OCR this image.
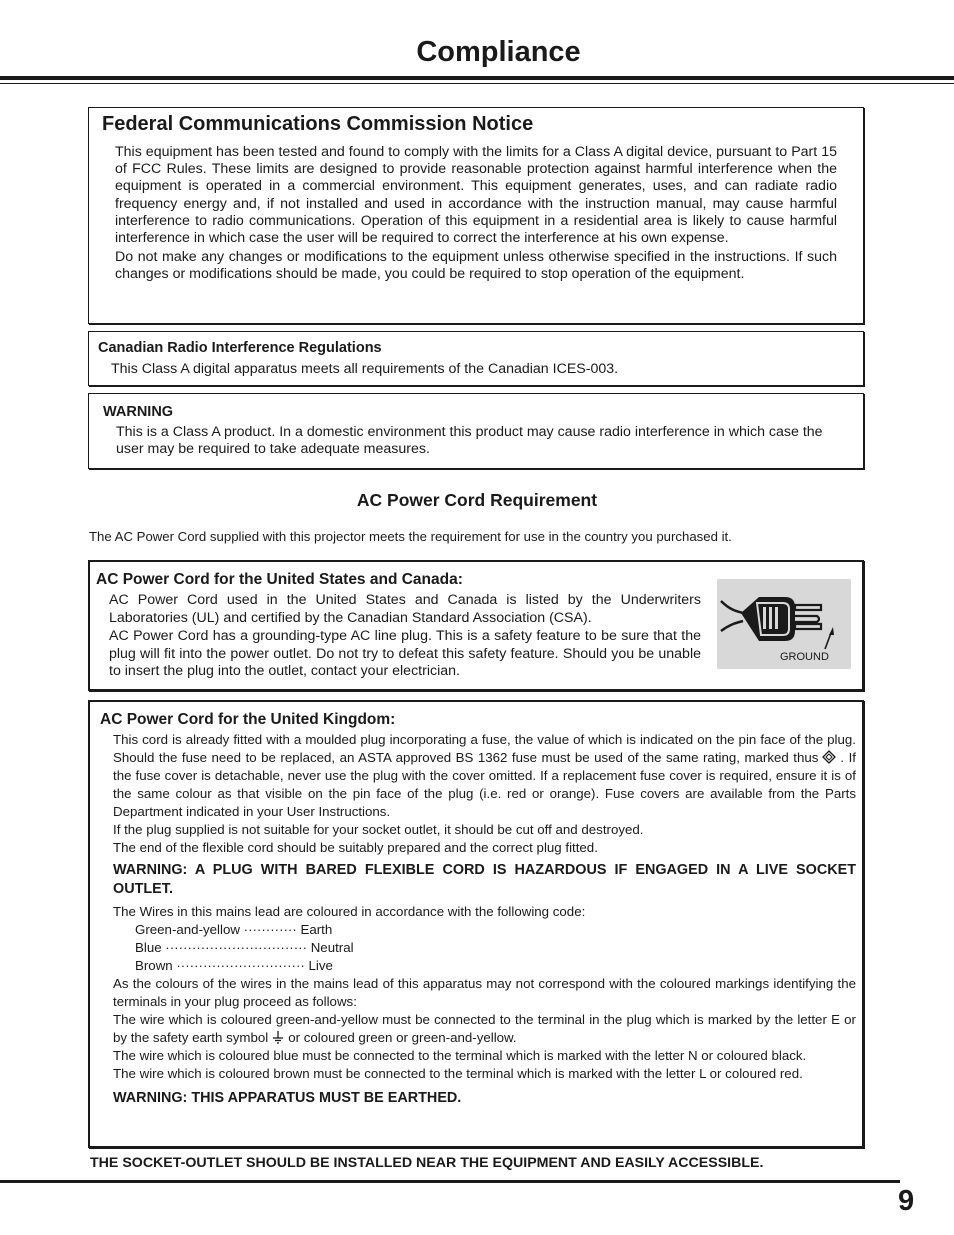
Compliance
Federal Communications Commission Notice

This equipment has been tested and found to comply with the limits for a Class A digital device, pursuant to Part 15 of FCC Rules. These limits are designed to provide reasonable protection against harmful interference when the equipment is operated in a commercial environment. This equipment generates, uses, and can radiate radio frequency energy and, if not installed and used in accordance with the instruction manual, may cause harmful interference to radio communications. Operation of this equipment in a residential area is likely to cause harmful interference in which case the user will be required to correct the interference at his own expense.

Do not make any changes or modifications to the equipment unless otherwise specified in the instructions. If such changes or modifications should be made, you could be required to stop operation of the equipment.

Canadian Radio Interference Regulations

This Class A digital apparatus meets all requirements of the Canadian ICES-003.

WARNING

This is a Class A product. In a domestic environment this product may cause radio interference in which case the user may be required to take adequate measures.

AC Power Cord Requirement
The AC Power Cord supplied with this projector meets the requirement for use in the country you purchased it.
AC Power Cord for the United States and Canada:

AC Power Cord used in the United States and Canada is listed by the Underwriters Laboratories (UL) and certified by the Canadian Standard Association (CSA).

AC Power Cord has a grounding-type AC line plug. This is a safety feature to be sure that the plug will fit into the power outlet. Do not try to defeat this safety feature. Should you be unable to insert the plug into the outlet, contact your electrician.

GROUND
AC Power Cord for the United Kingdom:

This cord is already fitted with a moulded plug incorporating a fuse, the value of which is indicated on the pin face of the plug. Should the fuse need to be replaced, an ASTA approved BS 1362 fuse must be used of the same rating, marked thus . If the fuse cover is detachable, never use the plug with the cover omitted. If a replacement fuse cover is required, ensure it is of the same colour as that visible on the pin face of the plug (i.e. red or orange). Fuse covers are available from the Parts Department indicated in your User Instructions.

If the plug supplied is not suitable for your socket outlet, it should be cut off and destroyed.

The end of the flexible cord should be suitably prepared and the correct plug fitted.

WARNING: A PLUG WITH BARED FLEXIBLE CORD IS HAZARDOUS IF ENGAGED IN A LIVE SOCKET OUTLET.

The Wires in this mains lead are coloured in accordance with the following code:

Green-and-yellow ············ Earth

Blue ································ Neutral

Brown ····························· Live

As the colours of the wires in the mains lead of this apparatus may not correspond with the coloured markings identifying the terminals in your plug proceed as follows:

The wire which is coloured green-and-yellow must be connected to the terminal in the plug which is marked by the letter E or by the safety earth symbol or coloured green or green-and-yellow.

The wire which is coloured blue must be connected to the terminal which is marked with the letter N or coloured black.

The wire which is coloured brown must be connected to the terminal which is marked with the letter L or coloured red.

WARNING: THIS APPARATUS MUST BE EARTHED.

THE SOCKET-OUTLET SHOULD BE INSTALLED NEAR THE EQUIPMENT AND EASILY ACCESSIBLE.
9
